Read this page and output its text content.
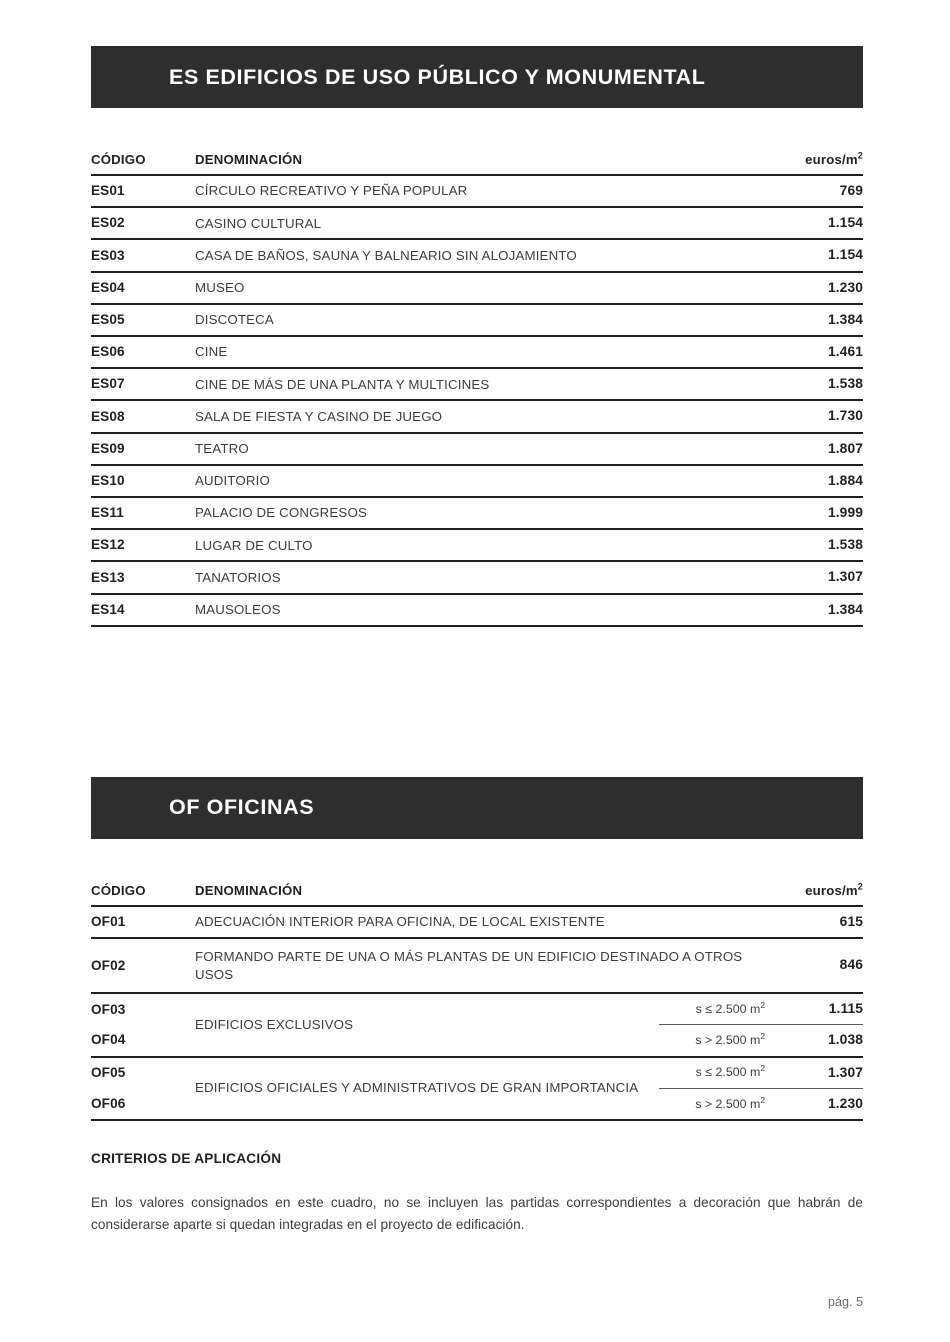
ES EDIFICIOS DE USO PÚBLICO Y MONUMENTAL
CÓDIGO	DENOMINACIÓN	euros/$m^2$
ES01	CÍRCULO RECREATIVO Y PEÑA POPULAR	769
ES02	CASINO CULTURAL	1.154
ES03	CASA DE BAÑOS, SAUNA Y BALNEARIO SIN ALOJAMIENTO	1.154
ES04	MUSEO	1.230
ES05	DISCOTECA	1.384
ES06	CINE	1.461
ES07	CINE DE MÁS DE UNA PLANTA Y MULTICINES	1.538
ES08	SALA DE FIESTA Y CASINO DE JUEGO	1.730
ES09	TEATRO	1.807
ES10	AUDITORIO	1.884
ES11	PALACIO DE CONGRESOS	1.999
ES12	LUGAR DE CULTO	1.538
ES13	TANATORIOS	1.307
ES14	MAUSOLEOS	1.384
OF OFICINAS
CÓDIGO	DENOMINACIÓN		euros/$m^2$
OF01	ADECUACIÓN INTERIOR PARA OFICINA, DE LOCAL EXISTENTE		615
OF02	FORMANDO PARTE DE UNA O MÁS PLANTAS DE UN EDIFICIO DESTINADO A OTROS USOS		846
OF03	EDIFICIOS EXCLUSIVOS	s ≤ 2.500 $m^2$	1.115
OF04		s > 2.500 $m^2$	1.038
OF05	EDIFICIOS OFICIALES Y ADMINISTRATIVOS DE GRAN IMPORTANCIA	s ≤ 2.500 $m^2$	1.307
OF06		s > 2.500 $m^2$	1.230
CRITERIOS DE APLICACIÓN
En los valores consignados en este cuadro, no se incluyen las partidas correspondientes a decoración que habrán de considerarse aparte si quedan integradas en el proyecto de edificación.
pág. 5
